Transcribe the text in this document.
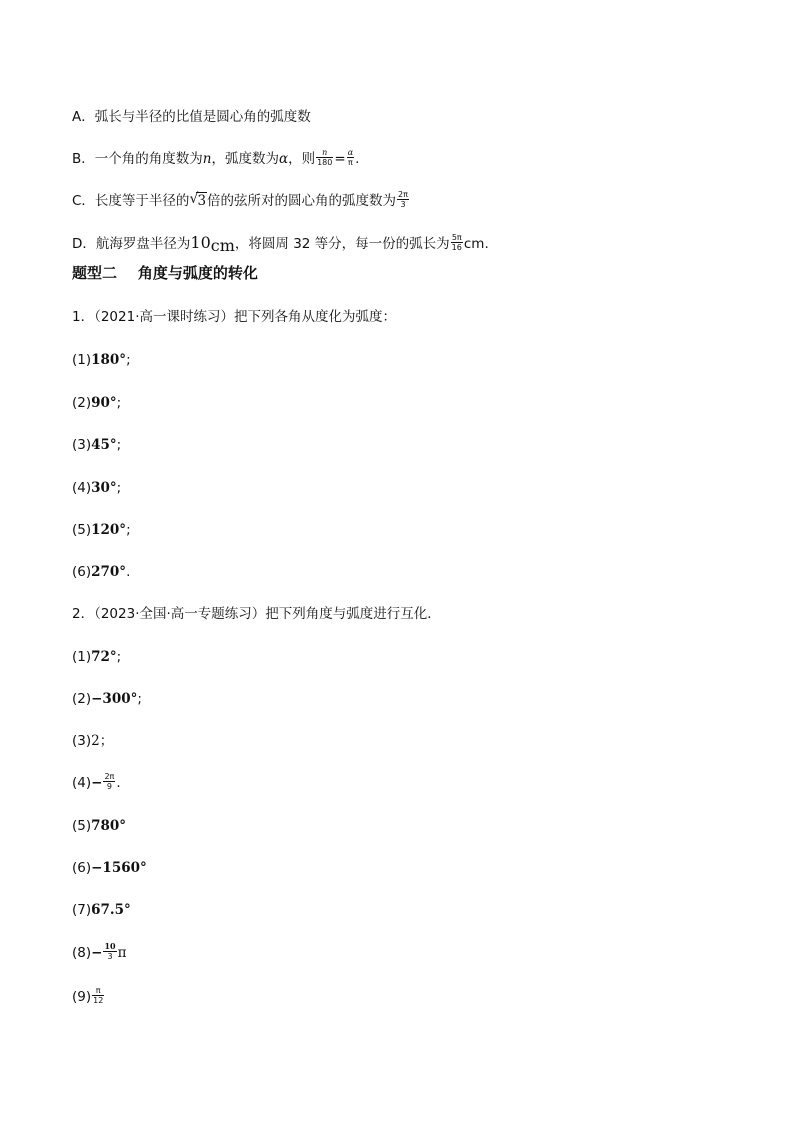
A．弧长与半径的比值是圆心角的弧度数
B．一个角的角度数为n，弧度数为α，则 $\frac{n}{180} = \frac{\alpha}{\pi}$ .
C．长度等于半径的 √ 3倍的弦所对的圆心角的弧度数为 $\frac{2\pi}{3}$
D．航海罗盘半径为10cm，将圆周 32 等分，每一份的弧长为 $\frac{5\pi}{16}$ cm.
题型二    角度与弧度的转化
1．（2021·高一课时练习）把下列各角从度化为弧度：
(1)180°;
(2)90°;
(3)45°;
(4)30°;
(5)120°;
(6)270°.
2．（2023·全国·高一专题练习）把下列角度与弧度进行互化．
(1)72°;
(2)−300°;
(3)2；
$(4)- \frac{2\pi}{9}$ .
(5)780°
(6)−1560°
(7)67.5°
$(8)- \frac{10}{3}$ π
$(9) \frac{\pi}{12}$
